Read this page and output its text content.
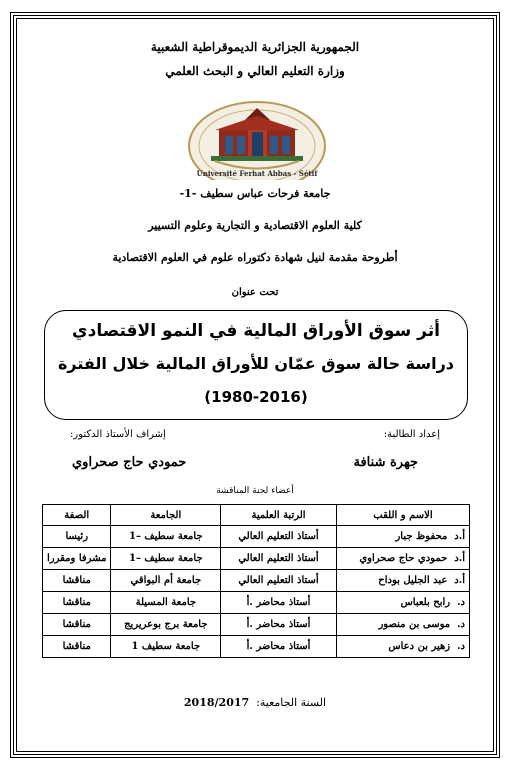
الجمهورية الجزائرية الديموقراطية الشعبية
وزارة التعليم العالي و البحث العلمي
Université Ferhat Abbas - Sétif
جامعة فرحات عباس سطيف -1-
كلية العلوم الاقتصادية و التجارية وعلوم التسيير
أطروحة مقدمة لنيل شهادة دكتوراه علوم في العلوم الاقتصادية
تحت عنوان
أثر سوق الأوراق المالية في النمو الاقتصادي
دراسة حالة سوق عمّان للأوراق المالية خلال الفترة
(1980-2016)
إعداد الطالبة:
إشراف الأستاذ الدكتور:
جهرة شنافة
حمودي حاج صحراوي
أعضاء لجنة المناقشة
الاسم و اللقب	الرتبة العلمية	الجامعة	الصفة
أ.د  محفوظ جبار	أستاذ التعليم العالي	جامعة سطيف –1	رئيسا
أ.د  حمودي حاج صحراوي	أستاذ التعليم العالي	جامعة سطيف –1	مشرفا ومقررا
أ.د  عبد الجليل بوداح	أستاذ التعليم العالي	جامعة أم البواقي	مناقشا
د.  رابح بلعباس	أستاذ محاضر .أ	جامعة المسيلة	مناقشا
د.  موسى بن منصور	أستاذ محاضر .أ	جامعة برج بوعريريج	مناقشا
د.  زهير بن دعاس	أستاذ محاضر .أ	جامعة سطيف 1	مناقشا
السنة الجامعية:  2018/2017
